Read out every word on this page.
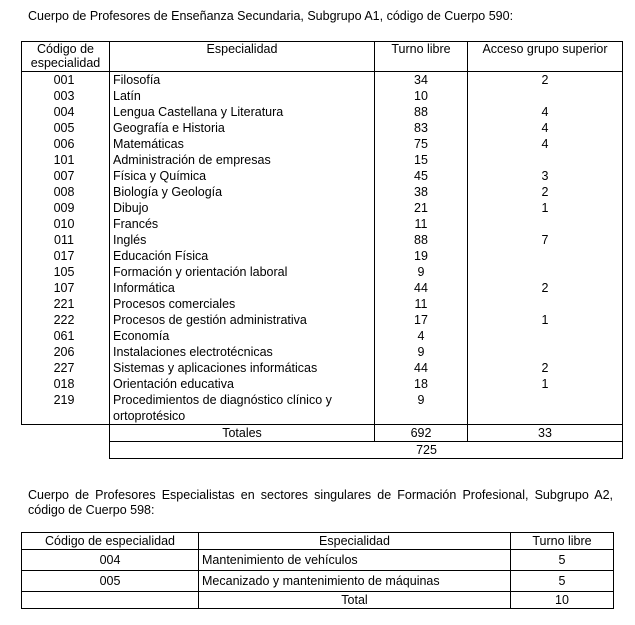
Cuerpo de Profesores de Enseñanza Secundaria, Subgrupo A1, código de Cuerpo 590:

Código de especialidad	Especialidad	Turno libre	Acceso grupo superior
001	Filosofía	34	2
003	Latín	10	
004	Lengua Castellana y Literatura	88	4
005	Geografía e Historia	83	4
006	Matemáticas	75	4
101	Administración de empresas	15	
007	Física y Química	45	3
008	Biología y Geología	38	2
009	Dibujo	21	1
010	Francés	11	
011	Inglés	88	7
017	Educación Física	19	
105	Formación y orientación laboral	9	
107	Informática	44	2
221	Procesos comerciales	11	
222	Procesos de gestión administrativa	17	1
061	Economía	4	
206	Instalaciones electrotécnicas	9	
227	Sistemas y aplicaciones informáticas	44	2
018	Orientación educativa	18	1
219	Procedimientos de diagnóstico clínico y ortoprotésico	9	
	Totales	692	33
	725		

Cuerpo de Profesores Especialistas en sectores singulares de Formación Profesional, Subgrupo A2, código de Cuerpo 598:

Código de especialidad	Especialidad	Turno libre
004	Mantenimiento de vehículos	5
005	Mecanizado y mantenimiento de máquinas	5
	Total	10
